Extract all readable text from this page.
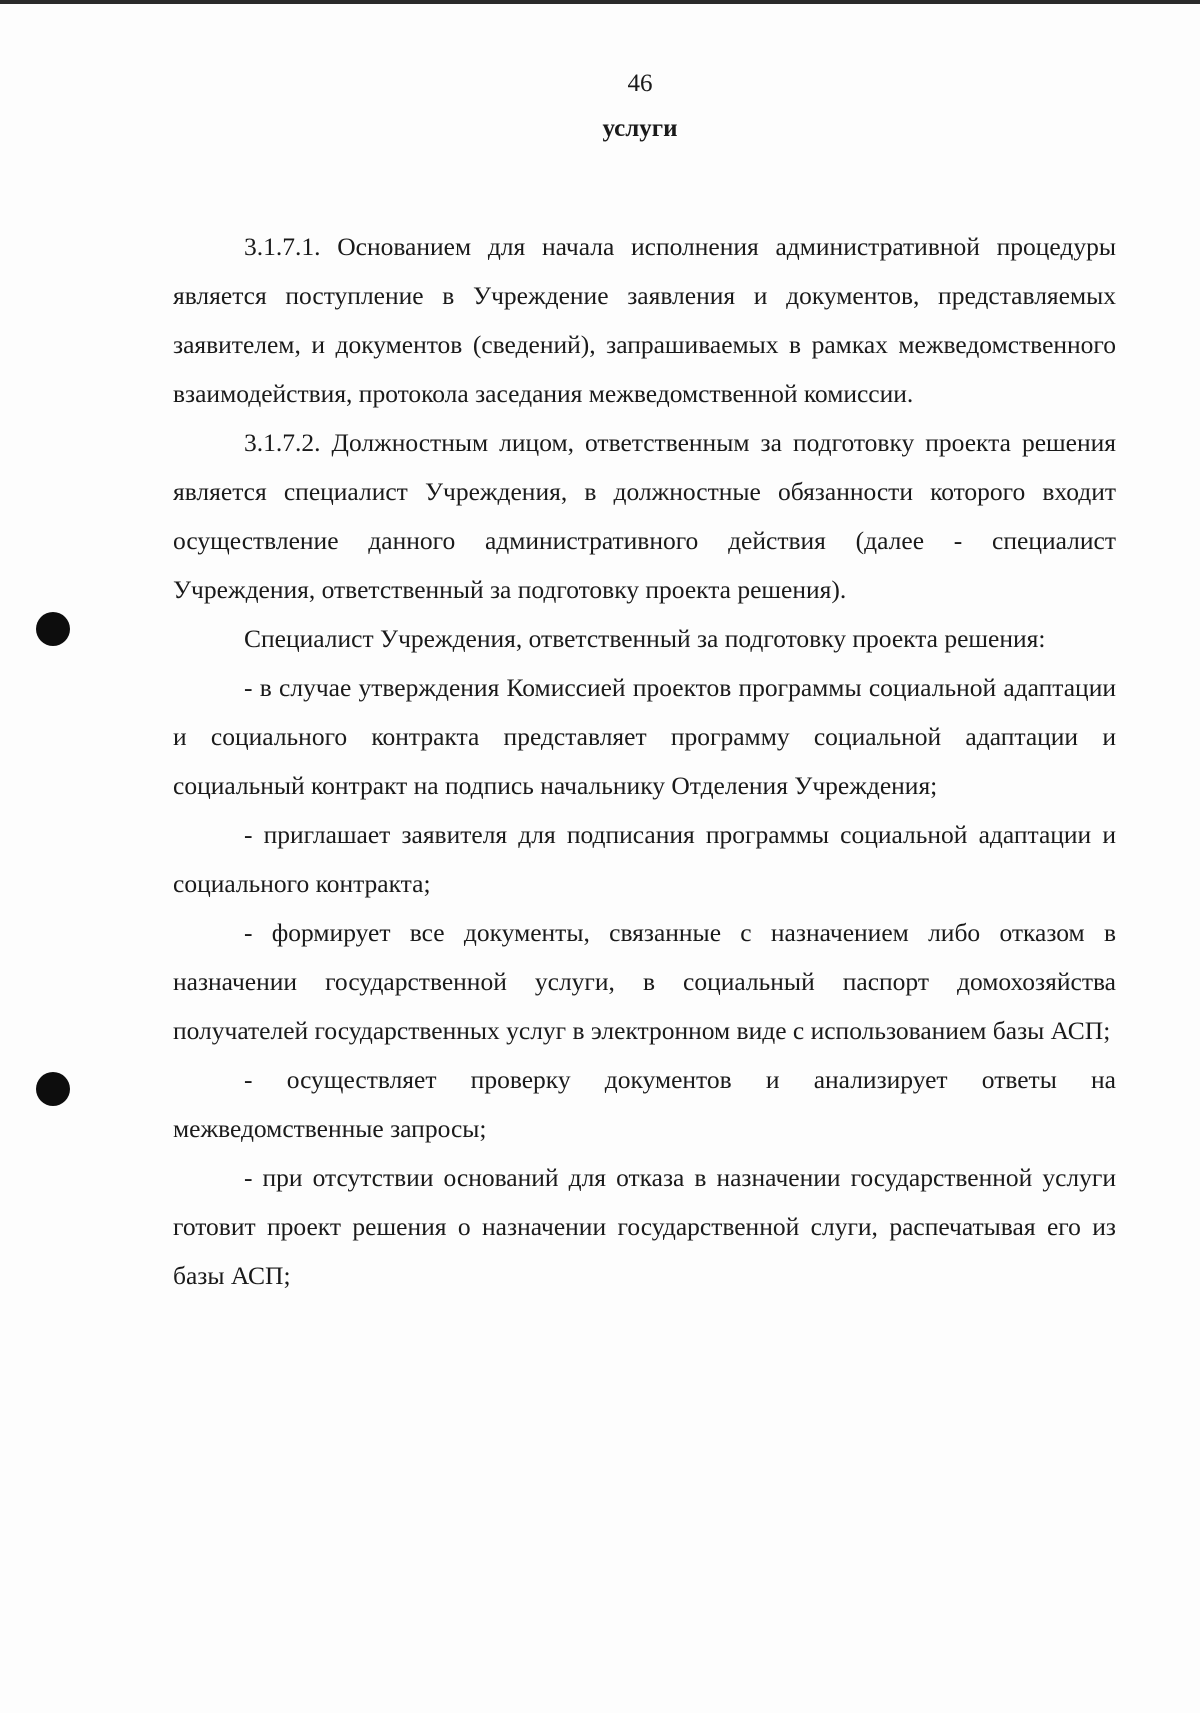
46
услуги

3.1.7.1. Основанием для начала исполнения административной процедуры является поступление в Учреждение заявления и документов, представляемых заявителем, и документов (сведений), запрашиваемых в рамках межведомственного взаимодействия, протокола заседания межведомственной комиссии.

3.1.7.2. Должностным лицом, ответственным за подготовку проекта решения является специалист Учреждения, в должностные обязанности которого входит осуществление данного административного действия (далее - специалист Учреждения, ответственный за подготовку проекта решения).

Специалист Учреждения, ответственный за подготовку проекта решения:

- в случае утверждения Комиссией проектов программы социальной адаптации и социального контракта представляет программу социальной адаптации и социальный контракт на подпись начальнику Отделения Учреждения;

- приглашает заявителя для подписания программы социальной адаптации и социального контракта;

- формирует все документы, связанные с назначением либо отказом в назначении государственной услуги, в социальный паспорт домохозяйства получателей государственных услуг в электронном виде с использованием базы АСП;

- осуществляет проверку документов и анализирует ответы на межведомственные запросы;

- при отсутствии оснований для отказа в назначении государственной услуги готовит проект решения о назначении государственной слуги, распечатывая его из базы АСП;
